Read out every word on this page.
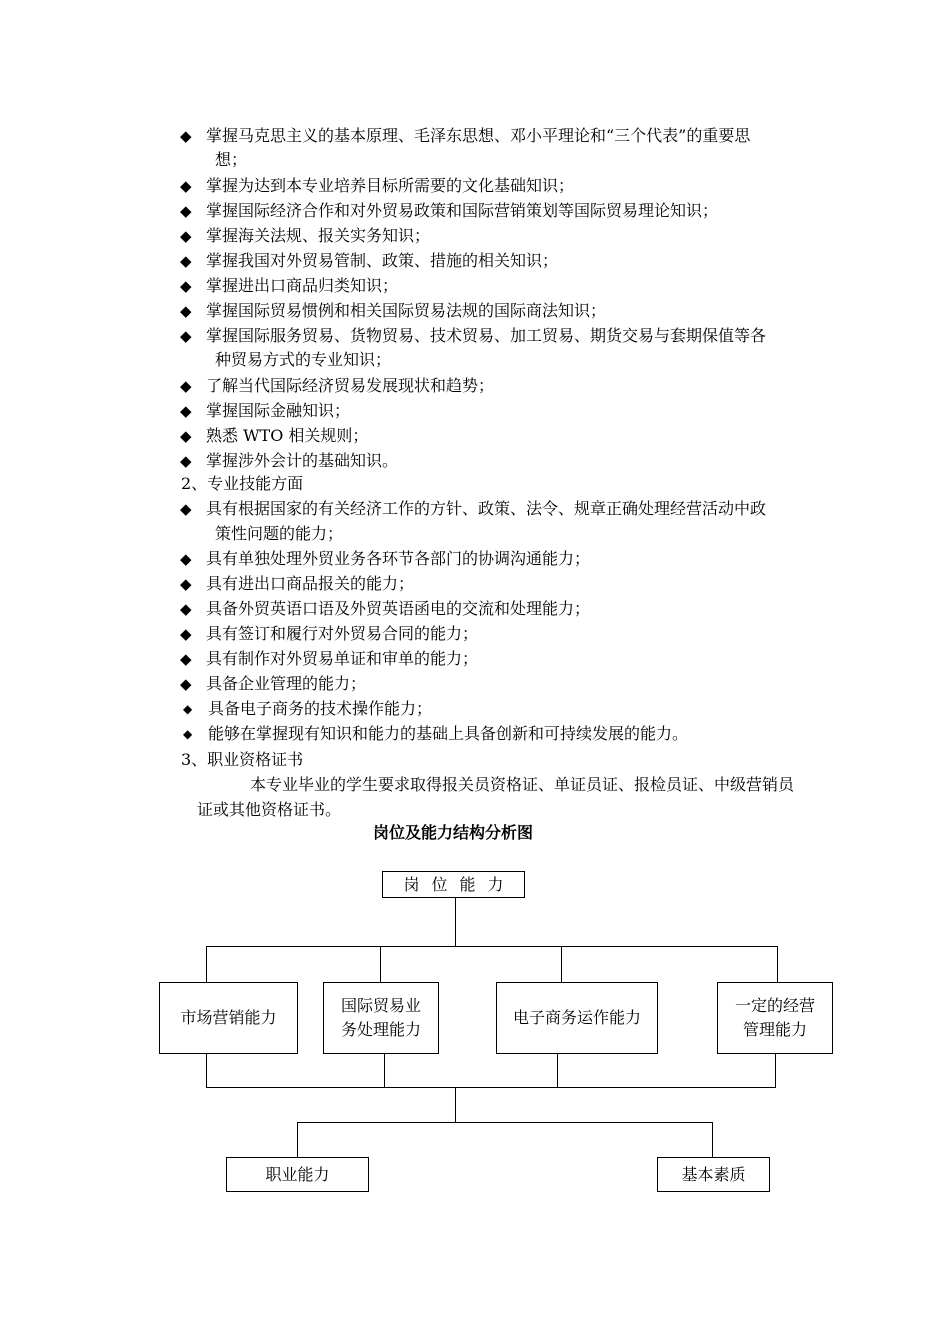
◆ 掌握马克思主义的基本原理、毛泽东思想、邓小平理论和“三个代表”的重要思
想；
◆ 掌握为达到本专业培养目标所需要的文化基础知识；
◆ 掌握国际经济合作和对外贸易政策和国际营销策划等国际贸易理论知识；
◆ 掌握海关法规、报关实务知识；
◆ 掌握我国对外贸易管制、政策、措施的相关知识；
◆ 掌握进出口商品归类知识；
◆ 掌握国际贸易惯例和相关国际贸易法规的国际商法知识；
◆ 掌握国际服务贸易、货物贸易、技术贸易、加工贸易、期货交易与套期保值等各
种贸易方式的专业知识；
◆ 了解当代国际经济贸易发展现状和趋势；
◆ 掌握国际金融知识；
◆ 熟悉 WTO 相关规则；
◆ 掌握涉外会计的基础知识。
2、专业技能方面
◆ 具有根据国家的有关经济工作的方针、政策、法令、规章正确处理经营活动中政
策性问题的能力；
◆ 具有单独处理外贸业务各环节各部门的协调沟通能力；
◆ 具有进出口商品报关的能力；
◆ 具备外贸英语口语及外贸英语函电的交流和处理能力；
◆ 具有签订和履行对外贸易合同的能力；
◆ 具有制作对外贸易单证和审单的能力；
◆ 具备企业管理的能力；
◆ 具备电子商务的技术操作能力；
◆ 能够在掌握现有知识和能力的基础上具备创新和可持续发展的能力。
3、职业资格证书
本专业毕业的学生要求取得报关员资格证、单证员证、报检员证、中级营销员
证或其他资格证书。
岗位及能力结构分析图
岗位能力
市场营销能力
国际贸易业
务处理能力
电子商务运作能力
一定的经营
管理能力
职业能力	基本素质
